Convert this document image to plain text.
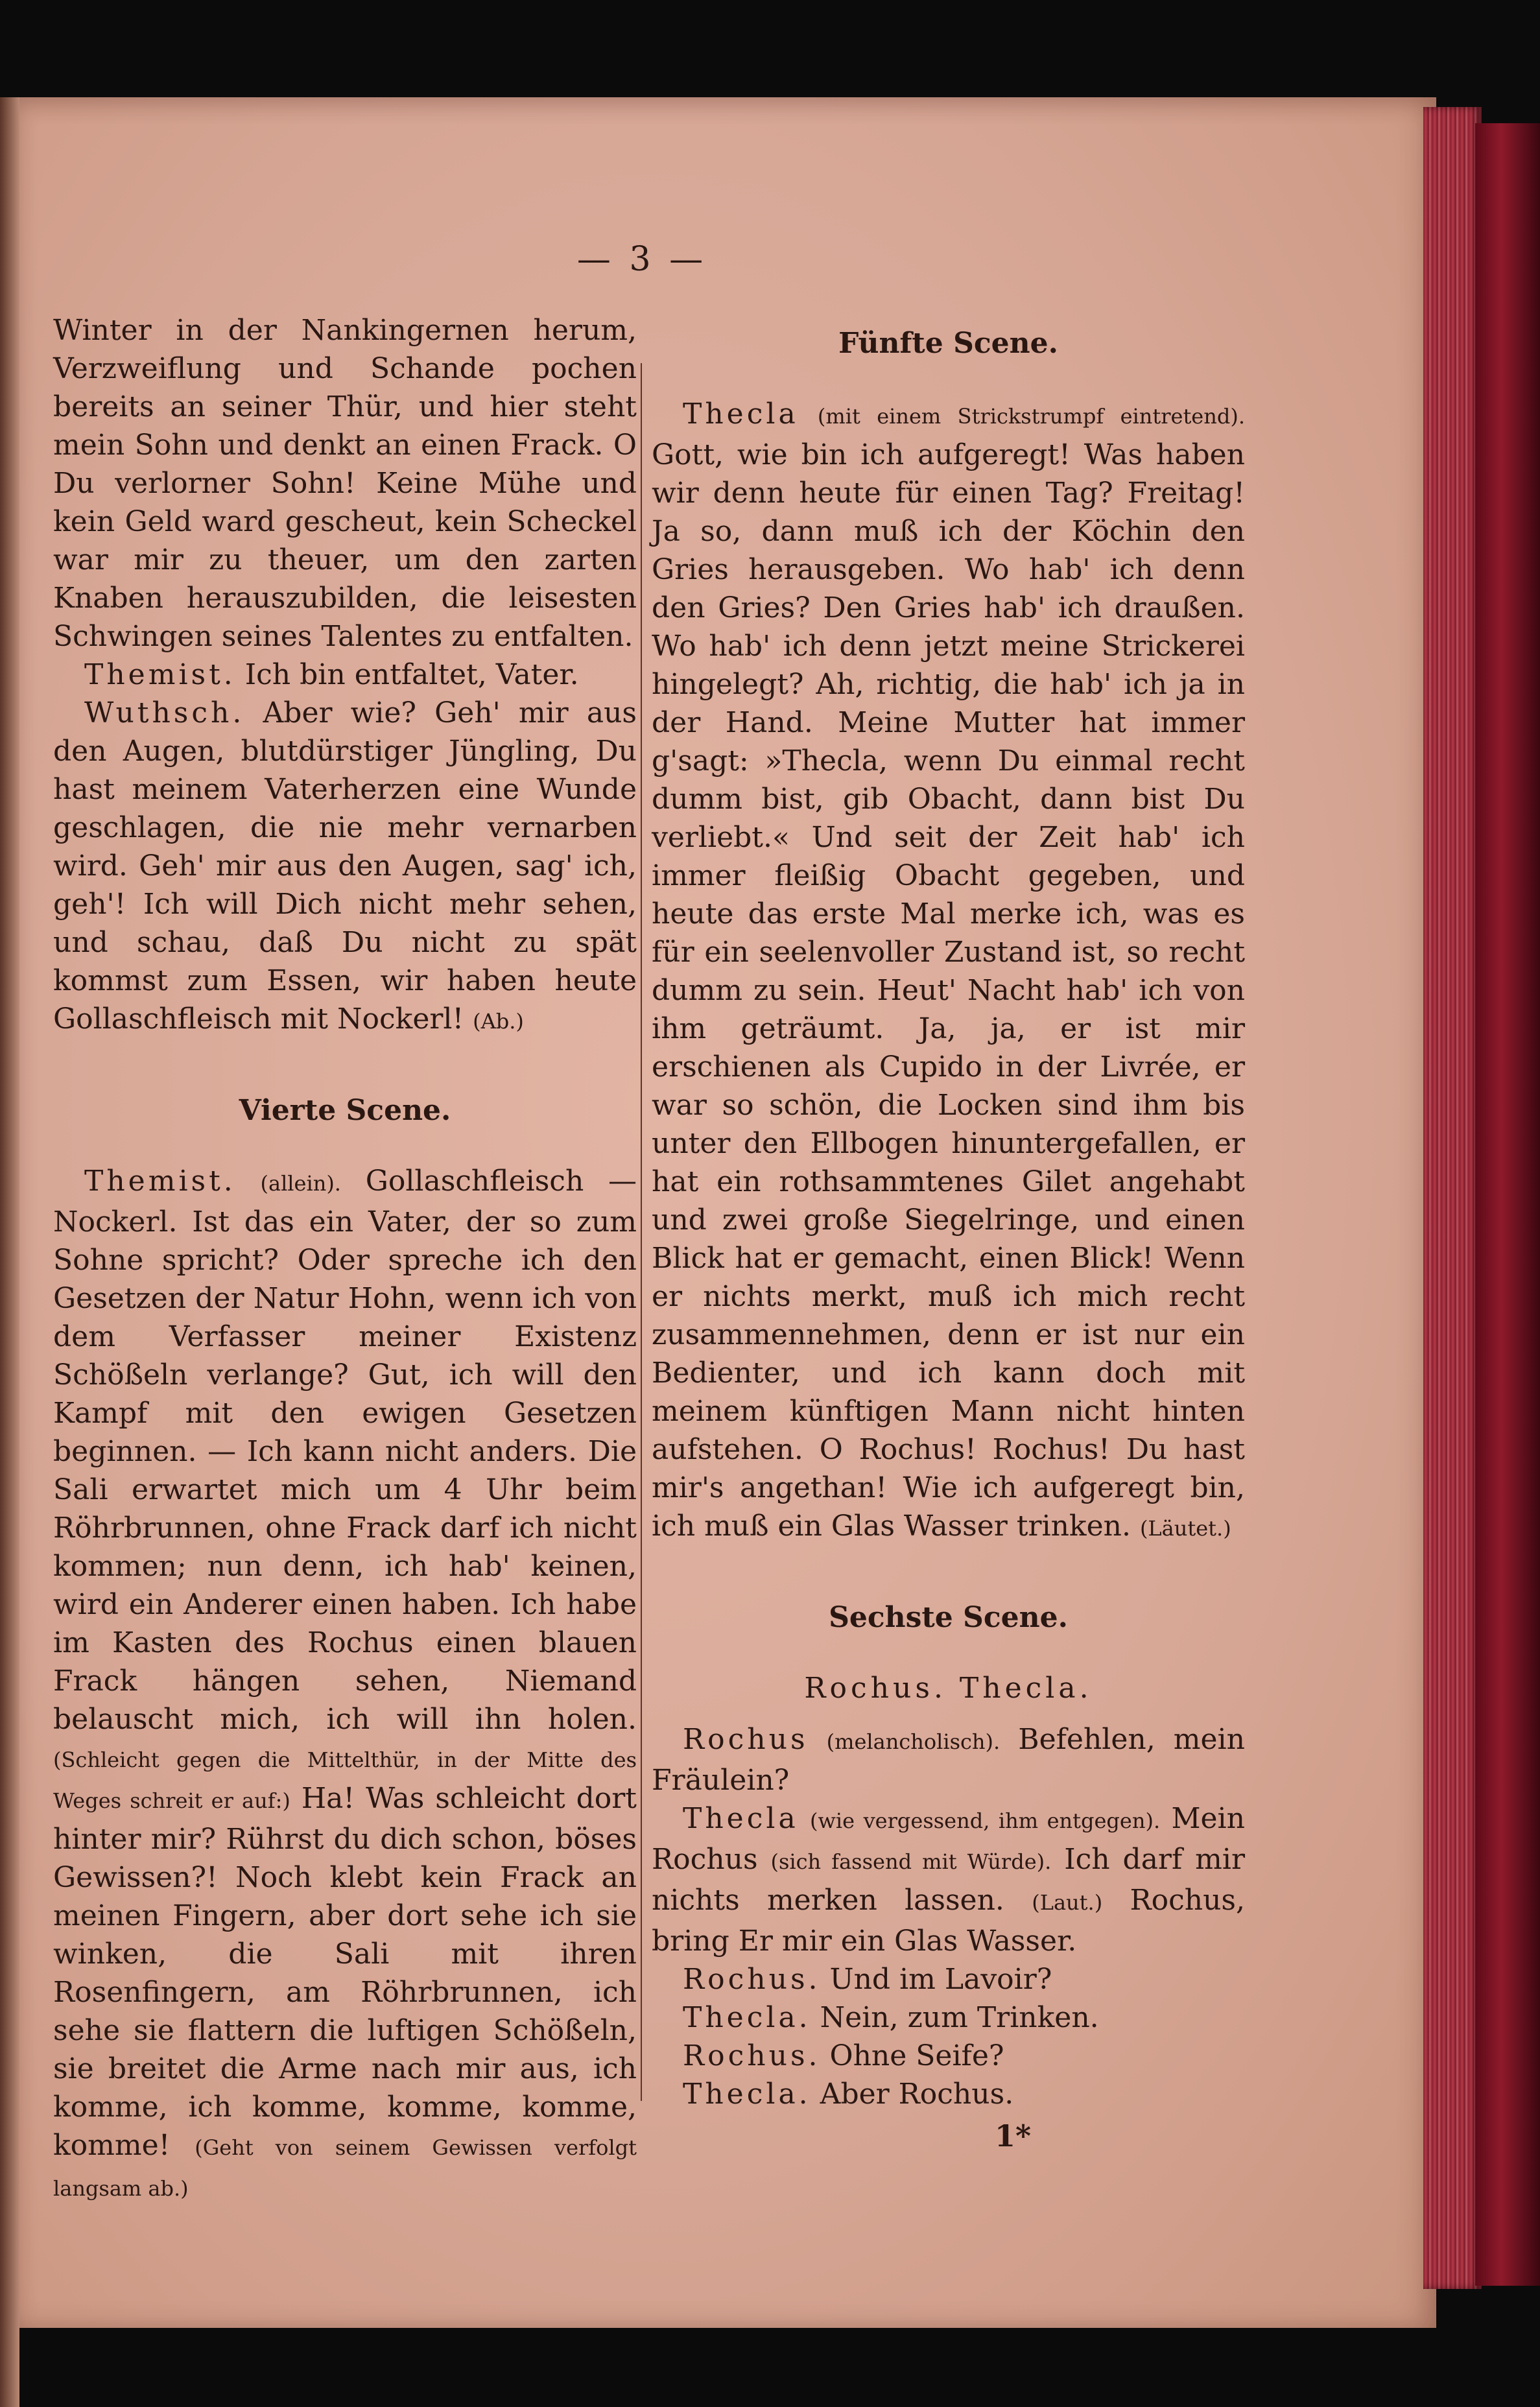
— 3 —

Winter in der Nankingernen herum, Verzweiflung und Schande pochen bereits an seiner Thür, und hier steht mein Sohn und denkt an einen Frack. O Du verlorner Sohn! Keine Mühe und kein Geld ward gescheut, kein Scheckel war mir zu theuer, um den zarten Knaben herauszubilden, die leisesten Schwingen seines Talentes zu entfalten.

Themist. Ich bin entfaltet, Vater.

Wuthsch. Aber wie? Geh' mir aus den Augen, blutdürstiger Jüngling, Du hast meinem Vaterherzen eine Wunde geschlagen, die nie mehr vernarben wird. Geh' mir aus den Augen, sag' ich, geh'! Ich will Dich nicht mehr sehen, und schau, daß Du nicht zu spät kommst zum Essen, wir haben heute Gollaschfleisch mit Nockerl! (Ab.)

Vierte Scene.

Themist. (allein). Gollaschfleisch — Nockerl. Ist das ein Vater, der so zum Sohne spricht? Oder spreche ich den Gesetzen der Natur Hohn, wenn ich von dem Verfasser meiner Existenz Schößeln verlange? Gut, ich will den Kampf mit den ewigen Gesetzen beginnen. — Ich kann nicht anders. Die Sali erwartet mich um 4 Uhr beim Röhrbrunnen, ohne Frack darf ich nicht kommen; nun denn, ich hab' keinen, wird ein Anderer einen haben. Ich habe im Kasten des Rochus einen blauen Frack hängen sehen, Niemand belauscht mich, ich will ihn holen. (Schleicht gegen die Mittelthür, in der Mitte des Weges schreit er auf:) Ha! Was schleicht dort hinter mir? Rührst du dich schon, böses Gewissen?! Noch klebt kein Frack an meinen Fingern, aber dort sehe ich sie winken, die Sali mit ihren Rosenfingern, am Röhrbrunnen, ich sehe sie flattern die luftigen Schößeln, sie breitet die Arme nach mir aus, ich komme, ich komme, komme, komme, komme! (Geht von seinem Gewissen verfolgt langsam ab.)

Fünfte Scene.

Thecla (mit einem Strickstrumpf eintretend). Gott, wie bin ich aufgeregt! Was haben wir denn heute für einen Tag? Freitag! Ja so, dann muß ich der Köchin den Gries herausgeben. Wo hab' ich denn den Gries? Den Gries hab' ich draußen. Wo hab' ich denn jetzt meine Strickerei hingelegt? Ah, richtig, die hab' ich ja in der Hand. Meine Mutter hat immer g'sagt: »Thecla, wenn Du einmal recht dumm bist, gib Obacht, dann bist Du verliebt.« Und seit der Zeit hab' ich immer fleißig Obacht gegeben, und heute das erste Mal merke ich, was es für ein seelenvoller Zustand ist, so recht dumm zu sein. Heut' Nacht hab' ich von ihm geträumt. Ja, ja, er ist mir erschienen als Cupido in der Livrée, er war so schön, die Locken sind ihm bis unter den Ellbogen hinuntergefallen, er hat ein rothsammtenes Gilet angehabt und zwei große Siegelringe, und einen Blick hat er gemacht, einen Blick! Wenn er nichts merkt, muß ich mich recht zusammennehmen, denn er ist nur ein Bedienter, und ich kann doch mit meinem künftigen Mann nicht hinten aufstehen. O Rochus! Rochus! Du hast mir's angethan! Wie ich aufgeregt bin, ich muß ein Glas Wasser trinken. (Läutet.)

Sechste Scene.

Rochus. Thecla.

Rochus (melancholisch). Befehlen, mein Fräulein?

Thecla (wie vergessend, ihm entgegen). Mein Rochus (sich fassend mit Würde). Ich darf mir nichts merken lassen. (Laut.) Rochus, bring Er mir ein Glas Wasser.

Rochus. Und im Lavoir?

Thecla. Nein, zum Trinken.

Rochus. Ohne Seife?

Thecla. Aber Rochus.

1*
